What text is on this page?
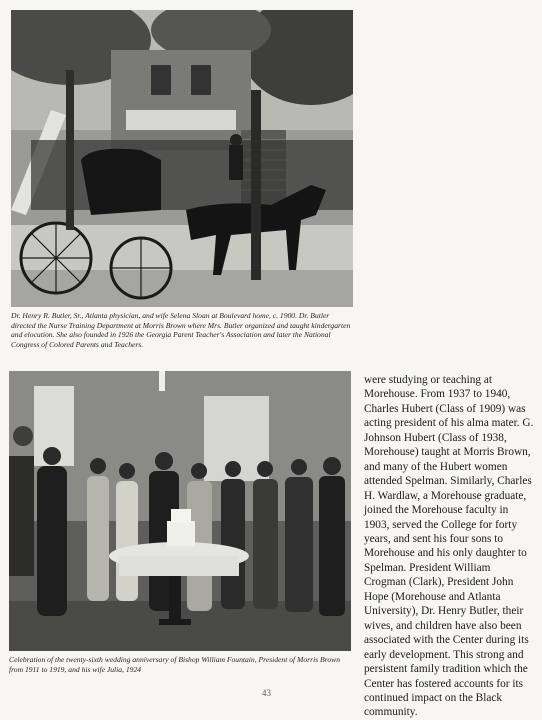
Dr. Henry R. Butler, Sr., Atlanta physician, and wife Selena Sloan at Boulevard home, c. 1900. Dr. Butler directed the Nurse Training Department at Morris Brown where Mrs. Butler organized and taught kindergarten and elocution. She also founded in 1926 the Georgia Parent Teacher's Association and later the National Congress of Colored Parents and Teachers.

Celebration of the twenty-sixth wedding anniversary of Bishop William Fountain, President of Morris Brown from 1911 to 1919, and his wife Julia, 1924

were studying or teaching at Morehouse. From 1937 to 1940, Charles Hubert (Class of 1909) was acting president of his alma mater. G. Johnson Hubert (Class of 1938, Morehouse) taught at Morris Brown, and many of the Hubert women attended Spelman. Similarly, Charles H. Wardlaw, a Morehouse graduate, joined the Morehouse faculty in 1903, served the College for forty years, and sent his four sons to Morehouse and his only daughter to Spelman. President William Crogman (Clark), President John Hope (Morehouse and Atlanta University), Dr. Henry Butler, their wives, and children have also been associated with the Center during its early development. This strong and persistent family tradition which the Center has fostered accounts for its continued impact on the Black community.

43
